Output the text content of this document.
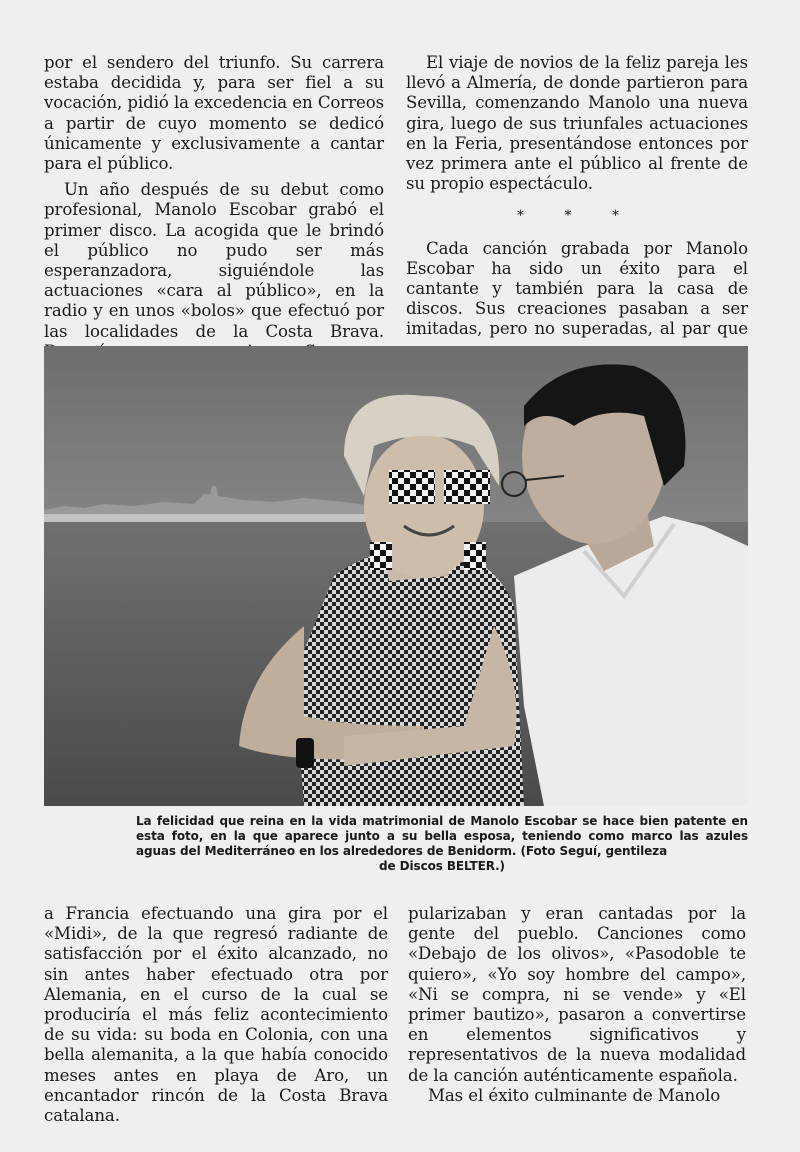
por el sendero del triunfo. Su carrera estaba decidida y, para ser fiel a su vocación, pidió la excedencia en Correos a partir de cuyo momento se dedicó únicamente y exclusivamente a cantar para el público.

Un año después de su debut como profesional, Manolo Escobar grabó el primer disco. La acogida que le brindó el público no pudo ser más esperanzadora, siguiéndole las actuaciones «cara al público», en la radio y en unos «bolos» que efectuó por las localidades de la Costa Brava.

El viaje de novios de la feliz pareja les llevó a Almería, de donde partieron para Sevilla, comenzando Manolo una nueva gira, luego de sus triunfales actuaciones en la Feria, presentándose entonces por vez primera ante el público al frente de su propio espectáculo.

* * *

Cada canción grabada por Manolo Escobar ha sido un éxito para el cantante y también para la casa de discos. Sus creaciones pasaban a ser imitadas, pero no superadas, al par que

La felicidad que reina en la vida matrimonial de Manolo Escobar se hace bien patente en esta foto, en la que aparece junto a su bella esposa, teniendo como marco las azules aguas del Mediterráneo en los alrededores de Benidorm. (Foto Seguí, gentileza
de Discos BELTER.)

a Francia efectuando una gira por el «Midi», de la que regresó radiante de satisfacción por el éxito alcanzado, no sin antes haber efectuado otra por Alemania, en el curso de la cual se produciría el más feliz acontecimiento de su vida: su boda en Colonia, con una bella alemanita, a la que había conocido meses antes en playa de Aro, un encantador rincón de la Costa Brava catalana.

pularizaban y eran cantadas por la gente del pueblo. Canciones como «Debajo de los olivos», «Pasodoble te quiero», «Yo soy hombre del campo», «Ni se compra, ni se vende» y «El primer bautizo», pasaron a convertirse en elementos significativos y representativos de la nueva modalidad de la canción auténticamente española.

Mas el éxito culminante de Manolo
